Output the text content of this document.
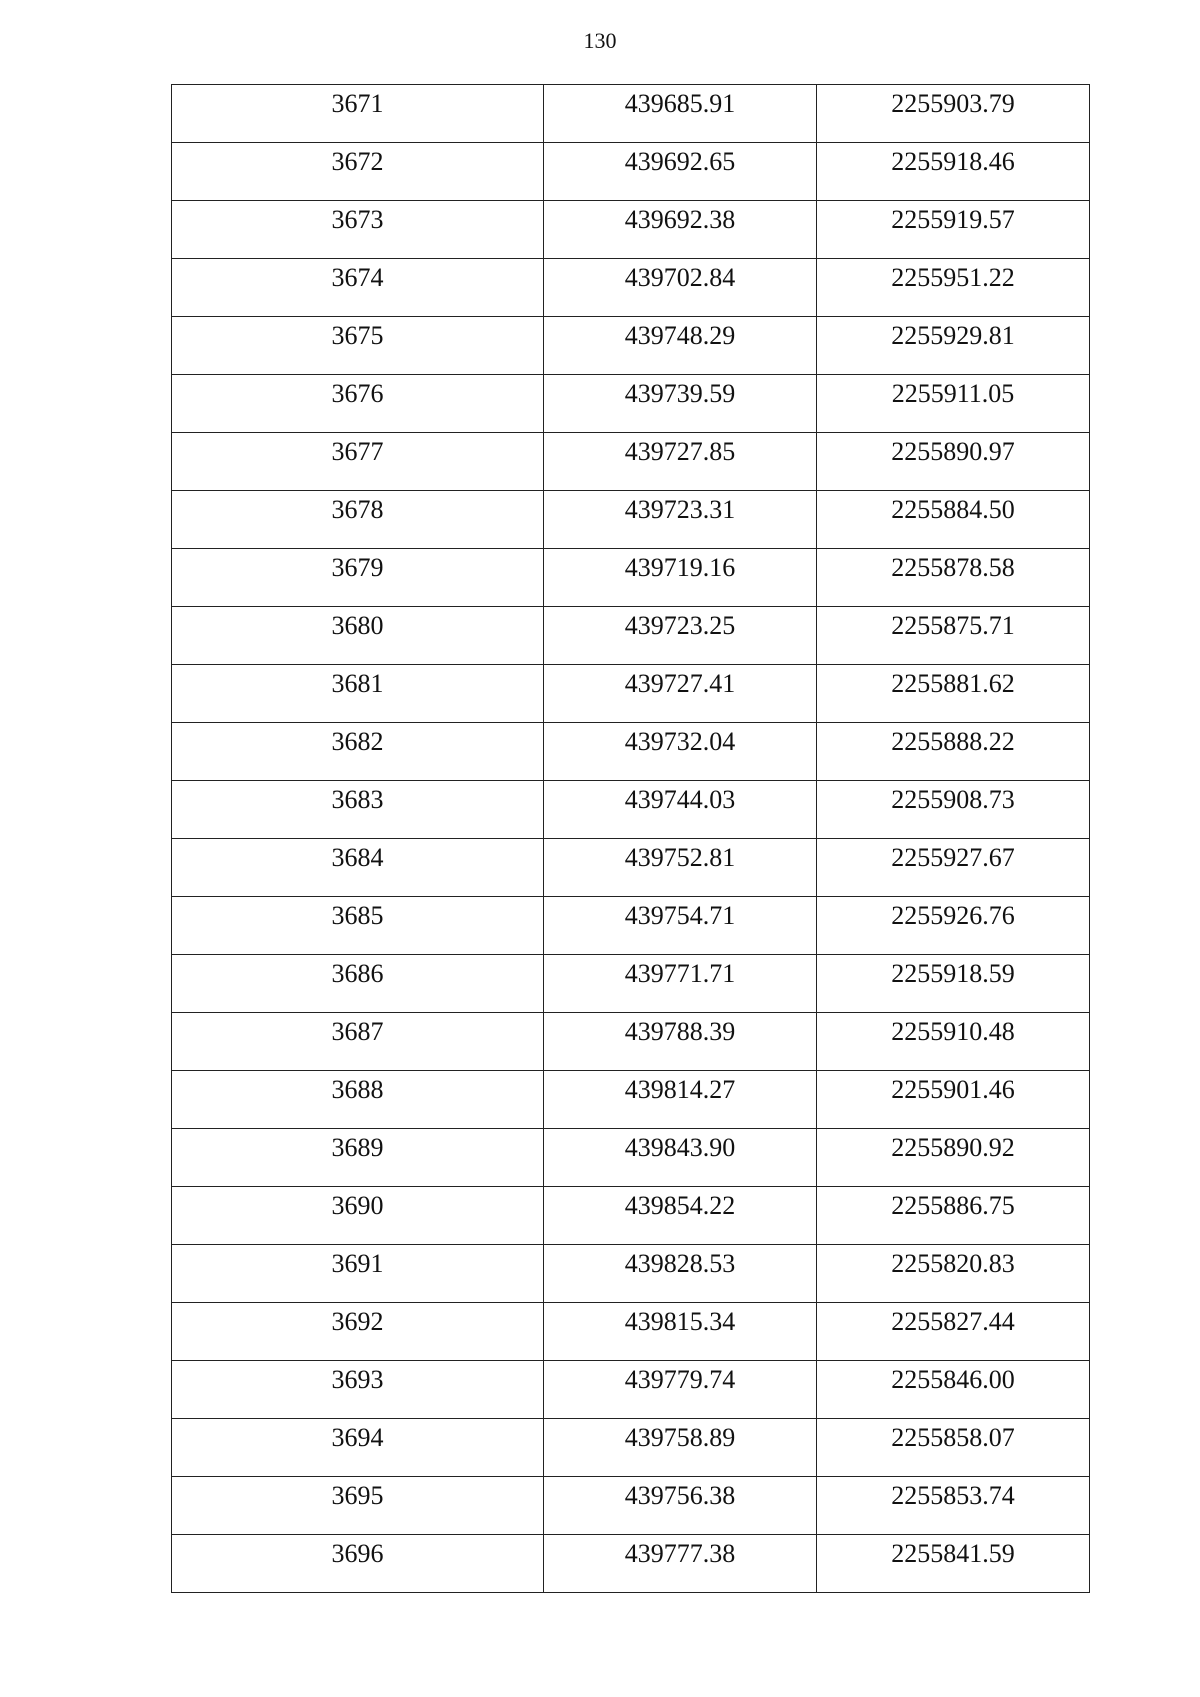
130
3671	439685.91	2255903.79
3672	439692.65	2255918.46
3673	439692.38	2255919.57
3674	439702.84	2255951.22
3675	439748.29	2255929.81
3676	439739.59	2255911.05
3677	439727.85	2255890.97
3678	439723.31	2255884.50
3679	439719.16	2255878.58
3680	439723.25	2255875.71
3681	439727.41	2255881.62
3682	439732.04	2255888.22
3683	439744.03	2255908.73
3684	439752.81	2255927.67
3685	439754.71	2255926.76
3686	439771.71	2255918.59
3687	439788.39	2255910.48
3688	439814.27	2255901.46
3689	439843.90	2255890.92
3690	439854.22	2255886.75
3691	439828.53	2255820.83
3692	439815.34	2255827.44
3693	439779.74	2255846.00
3694	439758.89	2255858.07
3695	439756.38	2255853.74
3696	439777.38	2255841.59
